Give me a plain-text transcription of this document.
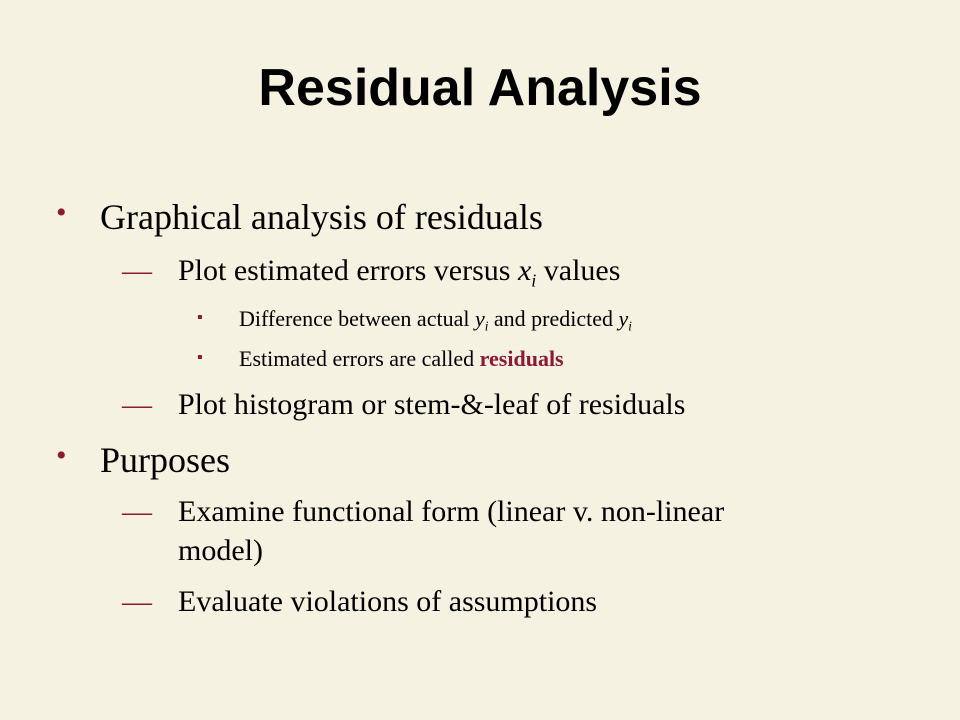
Residual Analysis
• Graphical analysis of residuals
— Plot estimated errors versus $x_i$ values
▪ Difference between actual $y_i$ and predicted $y_i$
▪ Estimated errors are called residuals
— Plot histogram or stem-&-leaf of residuals
• Purposes
— Examine functional form (linear v. non-linear
model)
— Evaluate violations of assumptions
